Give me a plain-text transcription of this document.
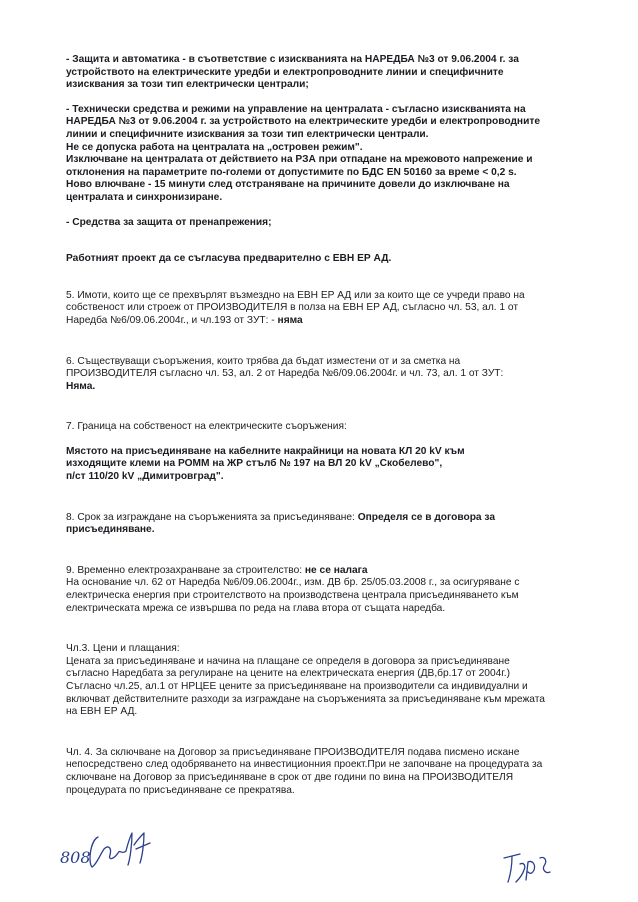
- Защита и автоматика - в съответствие с изискванията на НАРЕДБА №3 от 9.06.2004 г. за

устройството на електрическите уредби и електропроводните линии и специфичните

изисквания за този тип електрически централи;

- Технически средства и режими на управление на централата - съгласно изискванията на

НАРЕДБА №3 от 9.06.2004 г. за устройството на електрическите уредби и електропроводните

линии и специфичните изисквания за този тип електрически централи.

Не се допуска работа на централата на „островен режим".

Изключване на централата от действието на РЗА при отпадане на мрежовото напрежение и

отклонения на параметрите по-големи от допустимите по БДС EN 50160 за време < 0,2 s.

Ново влючване - 15 минути след отстраняване на причините довели до изключване на

централата и синхронизиране.

- Средства за защита от пренапрежения;

Работният проект да се съгласува предварително с ЕВН ЕР АД.

5. Имоти, които ще се прехвърлят възмездно на ЕВН ЕР АД или за които ще се учреди право на

собственост или строеж от ПРОИЗВОДИТЕЛЯ в полза на ЕВН ЕР АД, съгласно чл. 53, ал. 1 от

Наредба №6/09.06.2004г., и чл.193 от ЗУТ: - няма

6. Съществуващи съоръжения, които трябва да бъдат изместени от и за сметка на

ПРОИЗВОДИТЕЛЯ съгласно чл. 53, ал. 2 от Наредба №6/09.06.2004г. и чл. 73, ал. 1 от ЗУТ:

Няма.

7. Граница на собственост на електрическите съоръжения:

Мястото на присъединяване на кабелните накрайници на новата КЛ 20 kV към

изходящите клеми на РОММ на ЖР стълб № 197 на ВЛ 20 kV „Скобелево",

п/ст 110/20 kV „Димитровград".

8. Срок за изграждане на съоръженията за присъединяване: Определя се в договора за

присъединяване.

9. Временно електрозахранване за строителство: не се налага

На основание чл. 62 от Наредба №6/09.06.2004г., изм. ДВ бр. 25/05.03.2008 г., за осигуряване с

електрическа енергия при строителството на производствена централа присъединяването към

електрическата мрежа се извършва по реда на глава втора от същата наредба.

Чл.3. Цени и плащания:

Цената за присъединяване и начина на плащане се определя в договора за присъединяване

съгласно Наредбата за регулиране на цените на електрическата енергия (ДВ,бр.17 от 2004г.)

Съгласно чл.25, ал.1 от НРЦЕЕ цените за присъединяване на производители са индивидуални и

включват действителните разходи за изграждане на съоръженията за присъединяване към мрежата

на ЕВН ЕР АД.

Чл. 4. За сключване на Договор за присъединяване ПРОИЗВОДИТЕЛЯ подава писмено искане

непосредствено след одобряването на инвестиционния проект.При не започване на процедурата за

сключване на Договор за присъединяване в срок от две години по вина на ПРОИЗВОДИТЕЛЯ

процедурата по присъединяване се прекратява.

808
